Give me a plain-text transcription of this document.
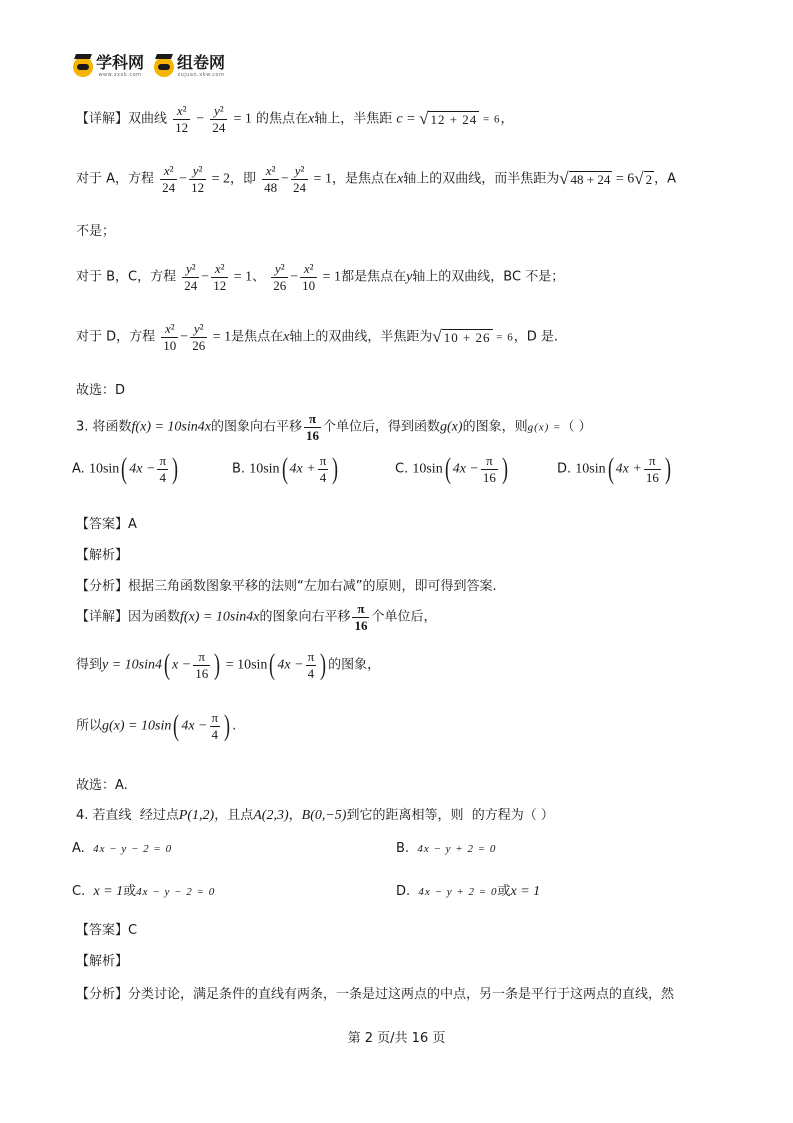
学科网
www.zxxk.com
组卷网
zujuan.xkw.com
【详解】双曲线 $\frac{\text{x²}}{12} - \frac{\text{y²}}{24} = 1$ 的焦点在x轴上，半焦距 c = √ 12 + 24 = 6，
对于 A，方程 $\frac{\text{x²}}{24} - \frac{\text{y²}}{12} = 2$，即 $\frac{\text{x²}}{48} - \frac{\text{y²}}{24} = 1$，是焦点在x轴上的双曲线，而半焦距为√ 48 + 24 = 6√ 2 ，A
不是；
对于 B，C，方程 $\frac{\text{y²}}{24} - \frac{\text{x²}}{12} = 1$、 $\frac{\text{y²}}{26} - \frac{\text{x²}}{10} = 1$都是焦点在y轴上的双曲线，BC 不是；
对于 D，方程 $\frac{\text{x²}}{10} - \frac{\text{y²}}{26} = 1$是焦点在x轴上的双曲线，半焦距为√ 10 + 26 = 6，D 是.
故选：D
3. 将函数f(x) = 10sin4x的图象向右平移 $\frac{\pi}{16}$ 个单位后，得到函数g(x)的图象，则g(x) =（ ）
A. 10sin( $4x - \frac{\pi}{4}$ )	B. 10sin( $4x + \frac{\pi}{4}$ )	C. 10sin( $4x - \frac{\pi}{16}$ )	D. 10sin( $4x + \frac{\pi}{16}$ )
【答案】A
【解析】
【分析】根据三角函数图象平移的法则“左加右减”的原则，即可得到答案.
【详解】因为函数f(x) = 10sin4x的图象向右平移 $\frac{\pi}{16}$ 个单位后，
得到y = 10sin4( $x - \frac{\pi}{16}$ ) = 10sin( $4x - \frac{\pi}{4}$ ) 的图象，
所以g(x) = 10sin( $4x - \frac{\pi}{4}$ ) .
故选：A.
4. 若直线 经过点P(1,2)，且点A(2,3)，B(0,−5)到它的距离相等，则 的方程为（ ）
A. 4x − y − 2 = 0	B. 4x − y + 2 = 0
C. x = 1或4x − y − 2 = 0	D. 4x − y + 2 = 0或x = 1
【答案】C
【解析】
【分析】分类讨论，满足条件的直线有两条，一条是过这两点的中点，另一条是平行于这两点的直线，然
第 2 页/共 16 页
